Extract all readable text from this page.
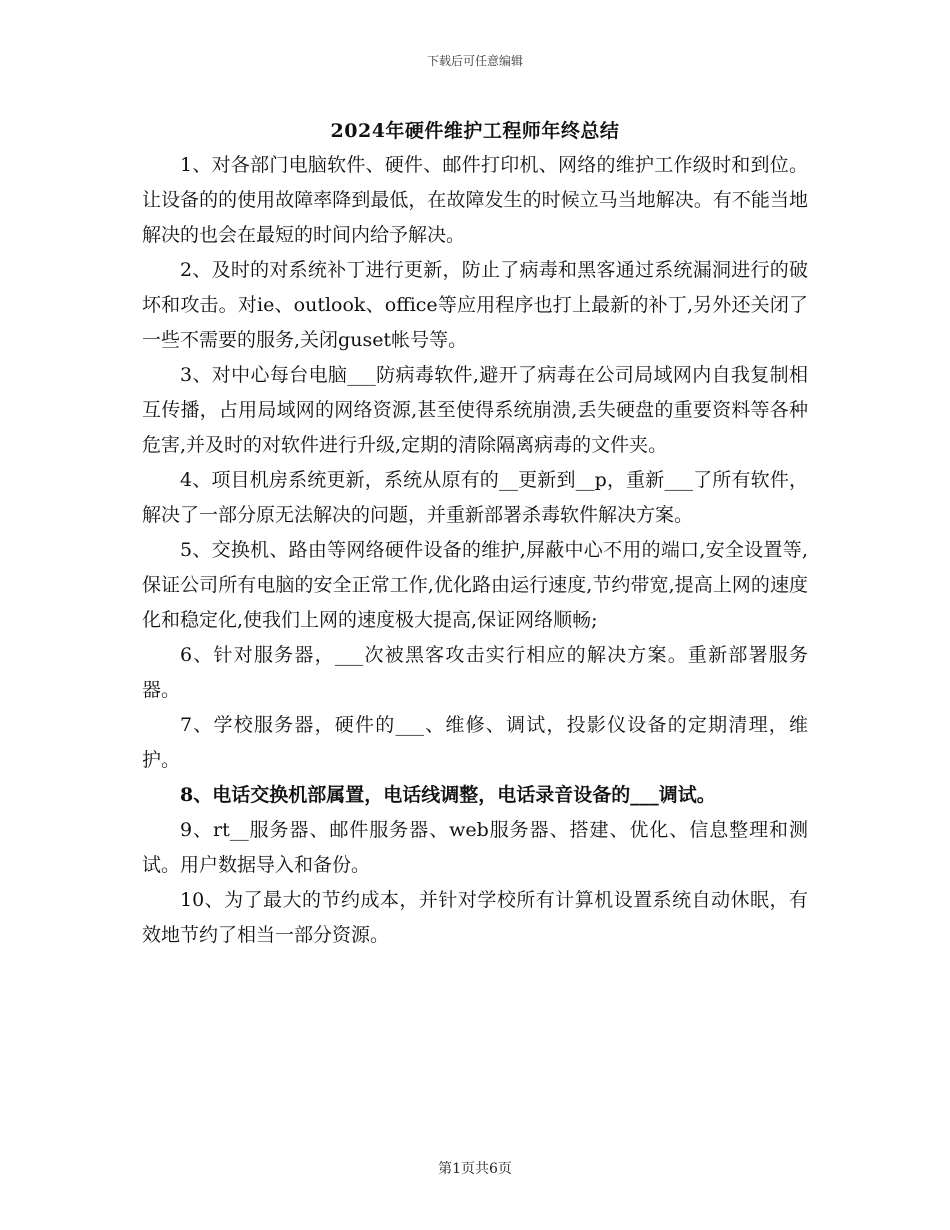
下载后可任意编辑
2024年硬件维护工程师年终总结

1、对各部门电脑软件、硬件、邮件打印机、网络的维护工作级时和到位。让设备的的使用故障率降到最低，在故障发生的时候立马当地解决。有不能当地解决的也会在最短的时间内给予解决。

2、及时的对系统补丁进行更新，防止了病毒和黑客通过系统漏洞进行的破坏和攻击。对ie、outlook、office等应用程序也打上最新的补丁,另外还关闭了一些不需要的服务,关闭guset帐号等。

3、对中心每台电脑___防病毒软件,避开了病毒在公司局域网内自我复制相互传播，占用局域网的网络资源,甚至使得系统崩溃,丢失硬盘的重要资料等各种危害,并及时的对软件进行升级,定期的清除隔离病毒的文件夹。

4、项目机房系统更新，系统从原有的__更新到__p，重新___了所有软件，解决了一部分原无法解决的问题，并重新部署杀毒软件解决方案。

5、交换机、路由等网络硬件设备的维护,屏蔽中心不用的端口,安全设置等,保证公司所有电脑的安全正常工作,优化路由运行速度,节约带宽,提高上网的速度化和稳定化,使我们上网的速度极大提高,保证网络顺畅;

6、针对服务器，___次被黑客攻击实行相应的解决方案。重新部署服务器。

7、学校服务器，硬件的___、维修、调试，投影仪设备的定期清理，维护。

8、电话交换机部属置，电话线调整，电话录音设备的___调试。

9、rt__服务器、邮件服务器、web服务器、搭建、优化、信息整理和测试。用户数据导入和备份。

10、为了最大的节约成本，并针对学校所有计算机设置系统自动休眠，有效地节约了相当一部分资源。

第1页共6页
